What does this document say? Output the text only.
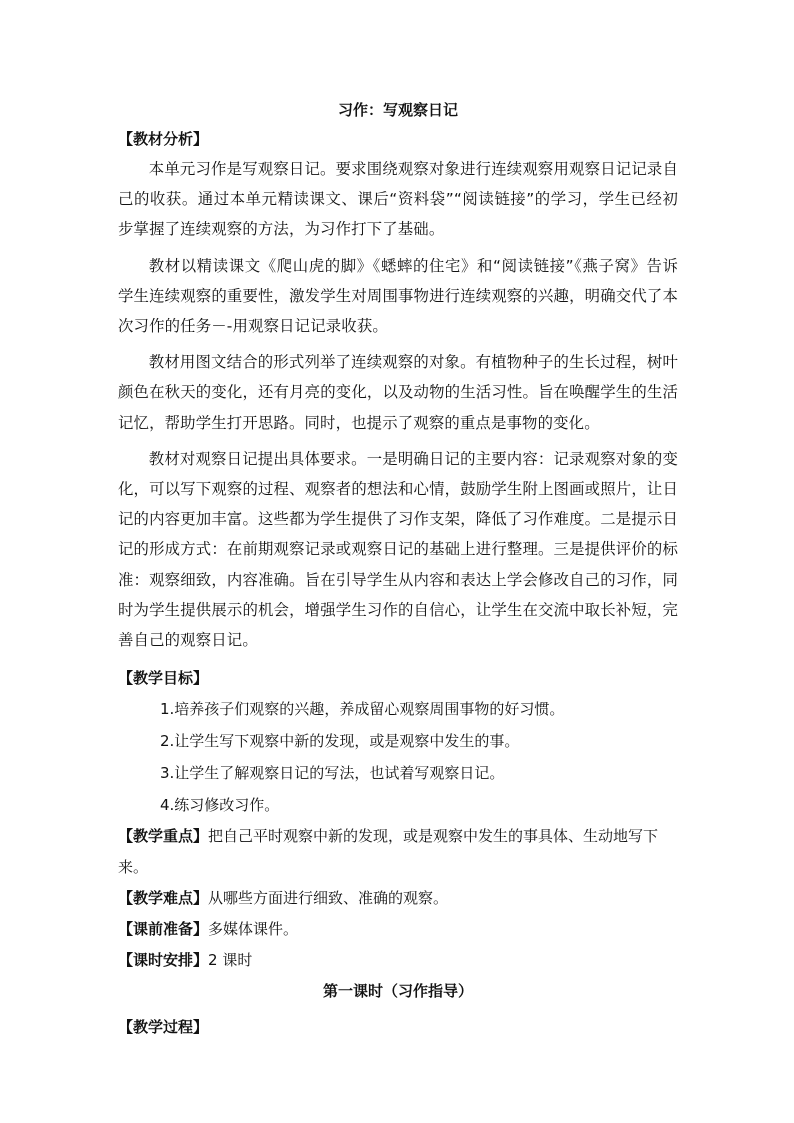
习作：写观察日记

【教材分析】

本单元习作是写观察日记。要求围绕观察对象进行连续观察用观察日记记录自己的收获。通过本单元精读课文、课后“资料袋”“阅读链接”的学习，学生已经初步掌握了连续观察的方法，为习作打下了基础。

教材以精读课文《爬山虎的脚》《蟋蟀的住宅》和“阅读链接”《燕子窝》告诉学生连续观察的重要性，激发学生对周围事物进行连续观察的兴趣，明确交代了本次习作的任务－-用观察日记记录收获。

教材用图文结合的形式列举了连续观察的对象。有植物种子的生长过程，树叶颜色在秋天的变化，还有月亮的变化，以及动物的生活习性。旨在唤醒学生的生活记忆，帮助学生打开思路。同时，也提示了观察的重点是事物的变化。

教材对观察日记提出具体要求。一是明确日记的主要内容：记录观察对象的变化，可以写下观察的过程、观察者的想法和心情，鼓励学生附上图画或照片，让日记的内容更加丰富。这些都为学生提供了习作支架，降低了习作难度。二是提示日记的形成方式：在前期观察记录或观察日记的基础上进行整理。三是提供评价的标准：观察细致，内容准确。旨在引导学生从内容和表达上学会修改自己的习作，同时为学生提供展示的机会，增强学生习作的自信心，让学生在交流中取长补短，完善自己的观察日记。

【教学目标】

1.培养孩子们观察的兴趣，养成留心观察周围事物的好习惯。

2.让学生写下观察中新的发现，或是观察中发生的事。

3.让学生了解观察日记的写法，也试着写观察日记。

4.练习修改习作。

【教学重点】把自己平时观察中新的发现，或是观察中发生的事具体、生动地写下来。

【教学难点】从哪些方面进行细致、准确的观察。

【课前准备】多媒体课件。

【课时安排】2 课时

第一课时（习作指导）

【教学过程】
